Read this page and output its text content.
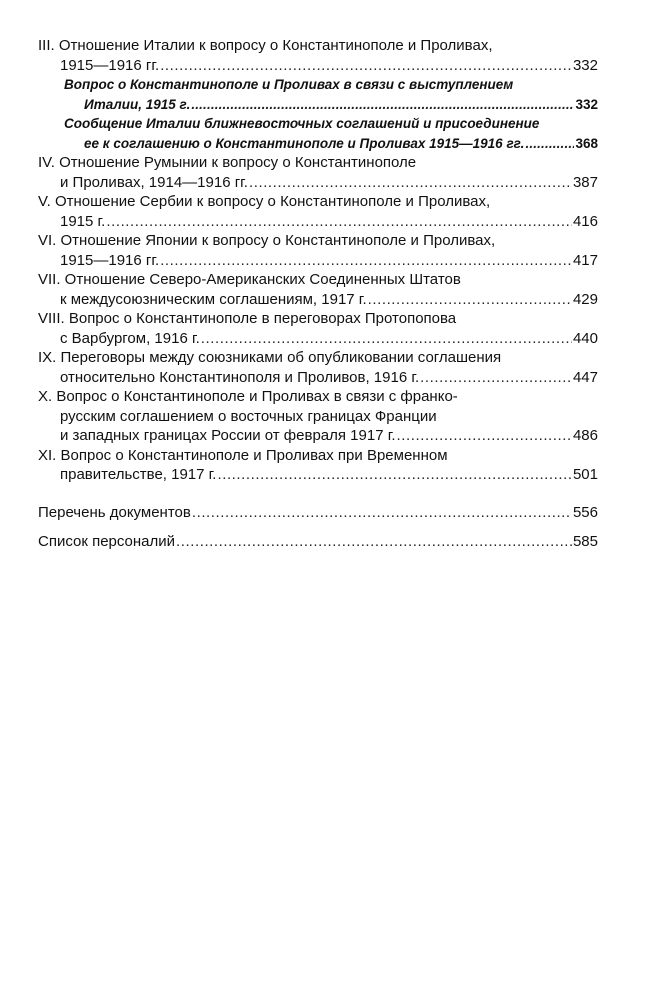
III. Отношение Италии к вопросу о Константинополе и Проливах,
1915—1916 гг. . . .	332
Вопрос о Константинополе и Проливах в связи с выступлением
Италии, 1915 г. . . .	332
Сообщение Италии ближневосточных соглашений и присоединение
ее к соглашению о Константинополе и Проливах 1915—1916 гг. . . .	368
IV. Отношение Румынии к вопросу о Константинополе
и Проливах, 1914—1916 гг. . . .	387
V. Отношение Сербии к вопросу о Константинополе и Проливах,
1915 г. . . .	416
VI. Отношение Японии к вопросу о Константинополе и Проливах,
1915—1916 гг. . . .	417
VII. Отношение Северо-Американских Соединенных Штатов
к междусоюзническим соглашениям, 1917 г. . . .	429
VIII. Вопрос о Константинополе в переговорах Протопопова
с Варбургом, 1916 г. . . .	440
IX. Переговоры между союзниками об опубликовании соглашения
относительно Константинополя и Проливов, 1916 г. . . .	447
X. Вопрос о Константинополе и Проливах в связи с франко-
русским соглашением о восточных границах Франции
и западных границах России от февраля 1917 г. . . .	486
XI. Вопрос о Константинополе и Проливах при Временном
правительстве, 1917 г. . . .	501
Перечень документов . . .	556
Список персоналий . . .	585
